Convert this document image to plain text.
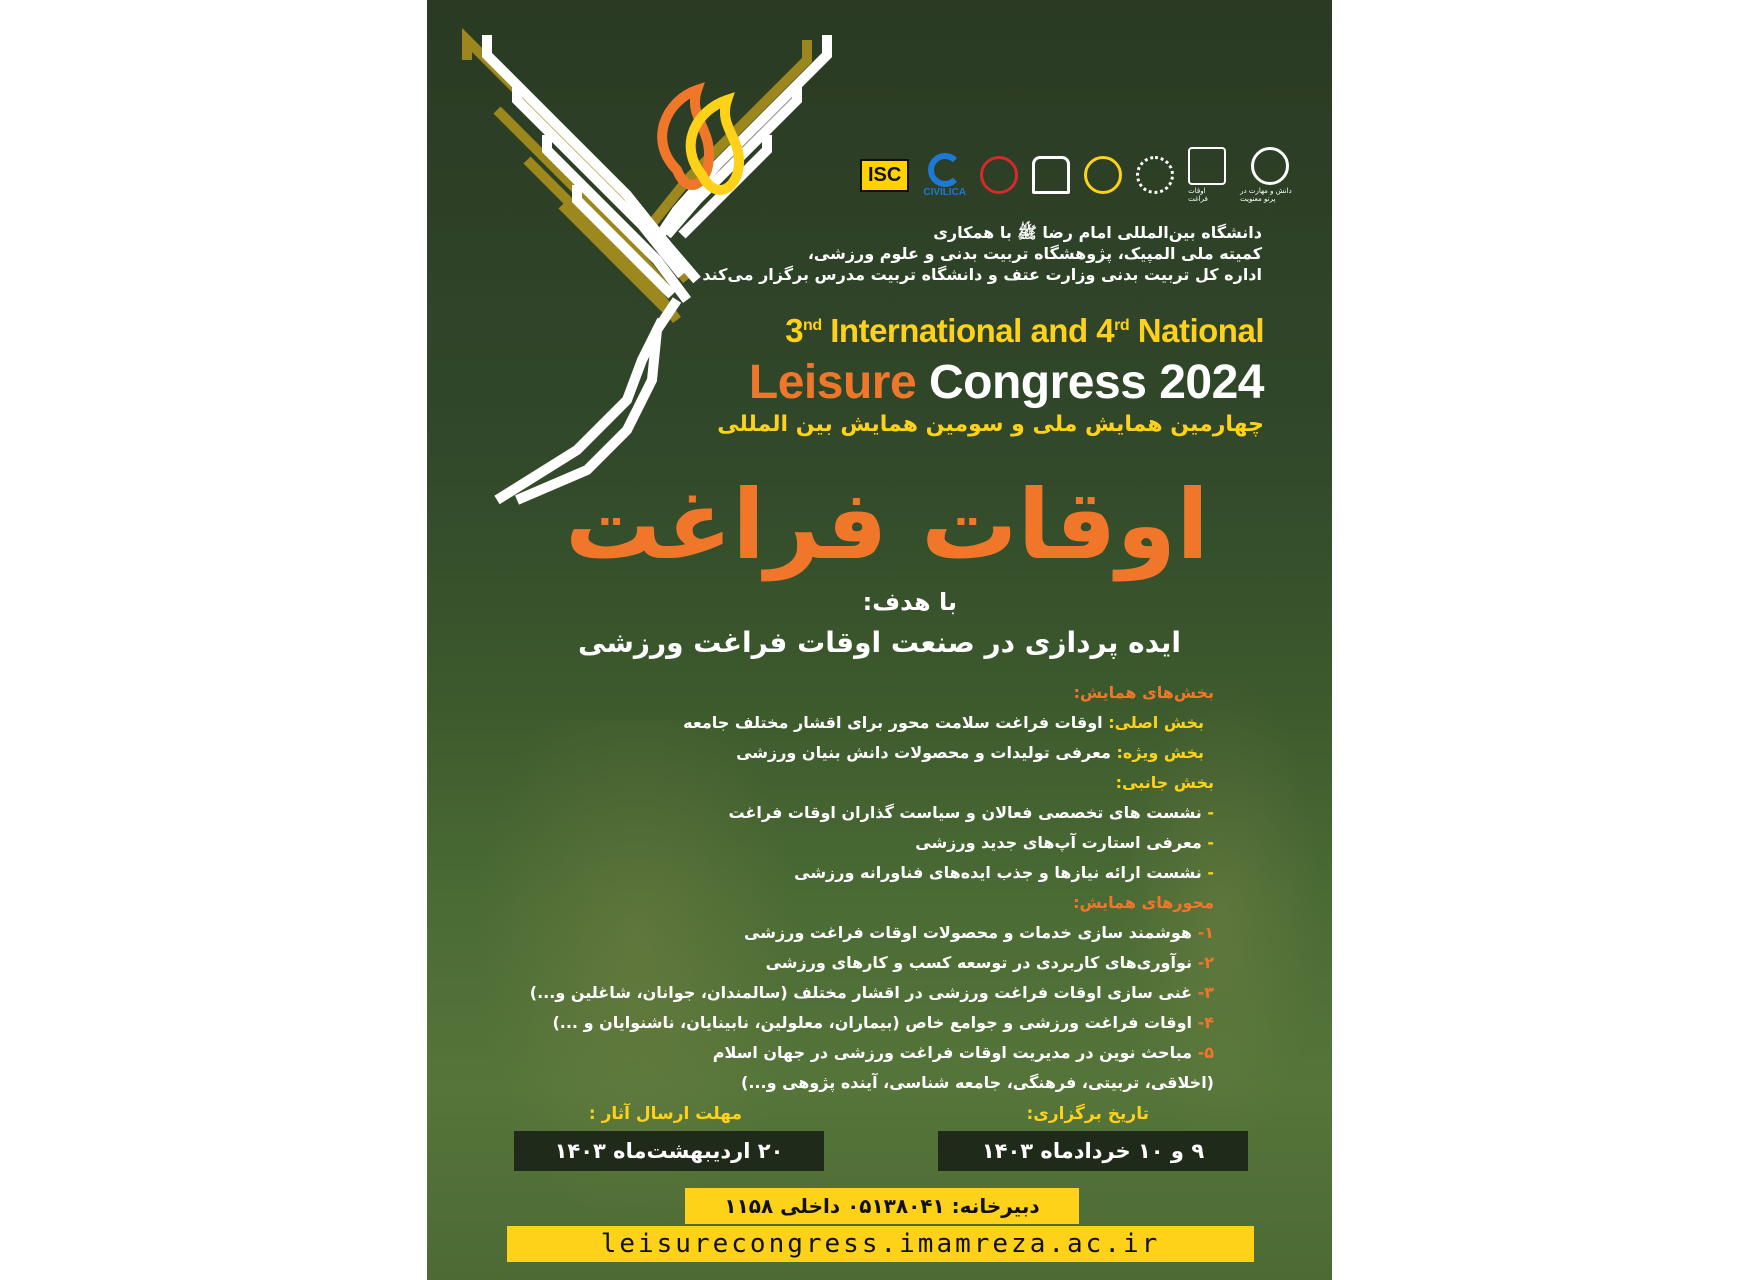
دانش و مهارت در پرتو معنویت
اوقات فراغت
CIVILICA
ISC
دانشگاه بین‌المللی امام رضا ﷺ با همکاری
کمیته ملی المپیک، پژوهشگاه تربیت بدنی و علوم ورزشی،
اداره کل تربیت بدنی وزارت عتف و دانشگاه تربیت مدرس برگزار می‌کند
3nd International and 4rd National
Leisure Congress 2024
چهارمین همایش ملی و سومین همایش بین المللی
اوقات فراغت
با هدف:
ایده پردازی در صنعت اوقات فراغت ورزشی
بخش‌های همایش:
بخش اصلی: اوقات فراغت سلامت محور برای اقشار مختلف جامعه
بخش ویژه: معرفی تولیدات و محصولات دانش بنیان ورزشی
بخش جانبی:
- نشست های تخصصی فعالان و سیاست گذاران اوقات فراغت
- معرفی استارت آپ‌های جدید ورزشی
- نشست ارائه نیازها و جذب ایده‌های فناورانه ورزشی
محورهای همایش:
۱- هوشمند سازی خدمات و محصولات اوقات فراغت ورزشی
۲- نوآوری‌های کاربردی در توسعه کسب و کارهای ورزشی
۳- غنی سازی اوقات فراغت ورزشی در اقشار مختلف (سالمندان، جوانان، شاغلین و...)
۴- اوقات فراغت ورزشی و جوامع خاص (بیماران، معلولین، نابینایان، ناشنوایان و ...)
۵- مباحث نوین در مدیریت اوقات فراغت ورزشی در جهان اسلام
(اخلاقی، تربیتی، فرهنگی، جامعه شناسی، آینده پژوهی و...)
تاریخ برگزاری:
مهلت ارسال آثار :
۹ و ۱۰ خردادماه ۱۴۰۳
۲۰ اردیبهشت‌ماه ۱۴۰۳
دبیرخانه: ۰۵۱۳۸۰۴۱ داخلی ۱۱۵۸
leisurecongress.imamreza.ac.ir
